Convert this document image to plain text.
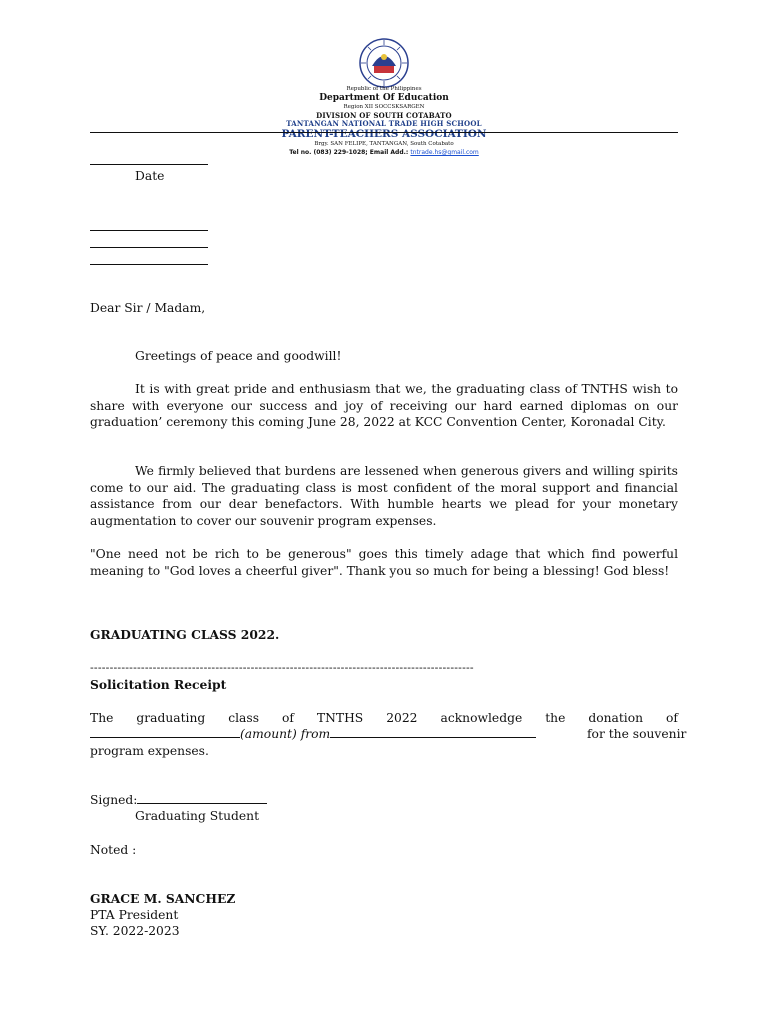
Republic of the Philippines
Department Of Education
Region XII SOCCSKSARGEN
DIVISION OF SOUTH COTABATO
TANTANGAN NATIONAL TRADE HIGH SCHOOL
PARENT-TEACHERS ASSOCIATION
Brgy. SAN FELIPE, TANTANGAN, South Cotabato
Tel no. (083) 229-1028; Email Add.: tntrade.hs@gmail.com
Date
Dear Sir / Madam,
Greetings of peace and goodwill!
It is with great pride and enthusiasm that we, the graduating class of TNTHS wish to share with everyone our success and joy of receiving our hard earned diplomas on our graduation’ ceremony this coming June 28, 2022 at KCC Convention Center, Koronadal City.
We firmly believed that burdens are lessened when generous givers and willing spirits come to our aid. The graduating class is most confident of the moral support and financial assistance from our dear benefactors. With humble hearts we plead for your monetary augmentation to cover our souvenir program expenses.
"One need not be rich to be generous" goes this timely adage that which find powerful meaning to "God loves a cheerful giver". Thank you so much for being a blessing! God bless!
GRADUATING CLASS 2022.
--------------------------------------------------------------------------------------------------
Solicitation Receipt
The graduating class of TNTHS 2022 acknowledge the donation of
(amount) from	for the souvenir
program expenses.
Signed:
Graduating Student
Noted :
GRACE M. SANCHEZ
PTA President
SY. 2022-2023
